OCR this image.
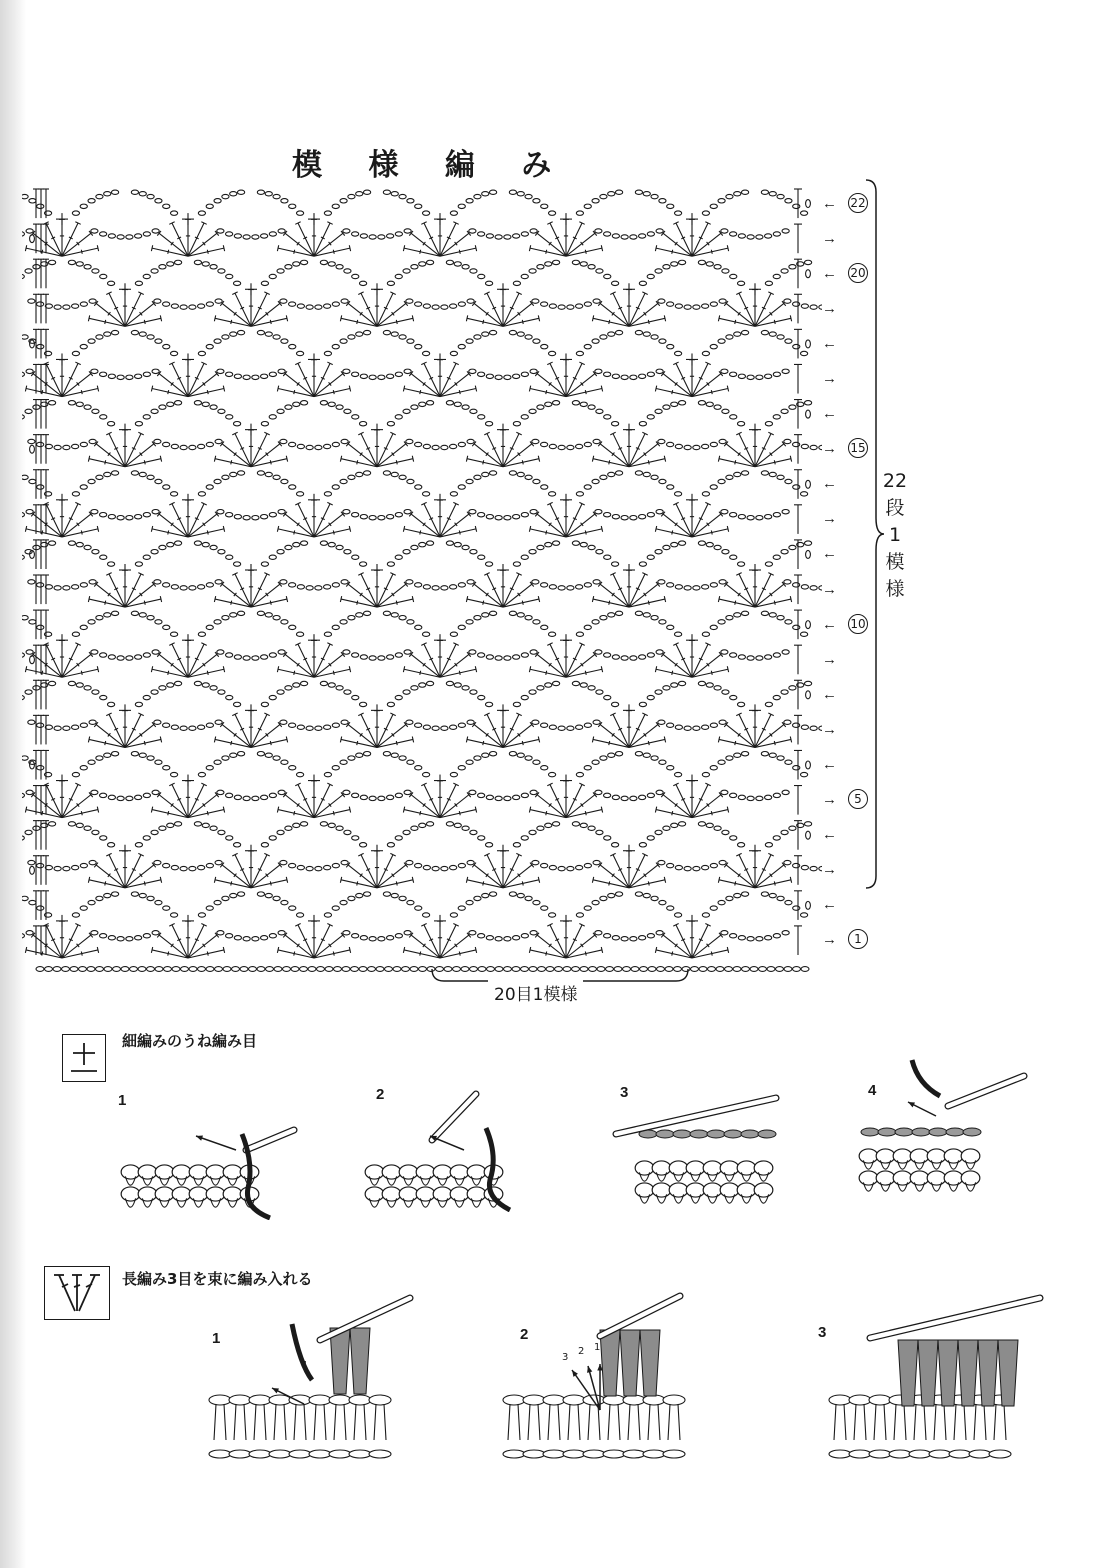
模 様 編 み
→	1
←
→
←
→	5
←
→
←
→
← 10
→
←
→
←
→ 15
←
→
←
→
← 20
→
← 22
22
段
1
模
様
20目1模様
細編みのうね編み目
1	2	3	4
長編み3目を束に編み入れる
1	2	3
1
3
2 1
